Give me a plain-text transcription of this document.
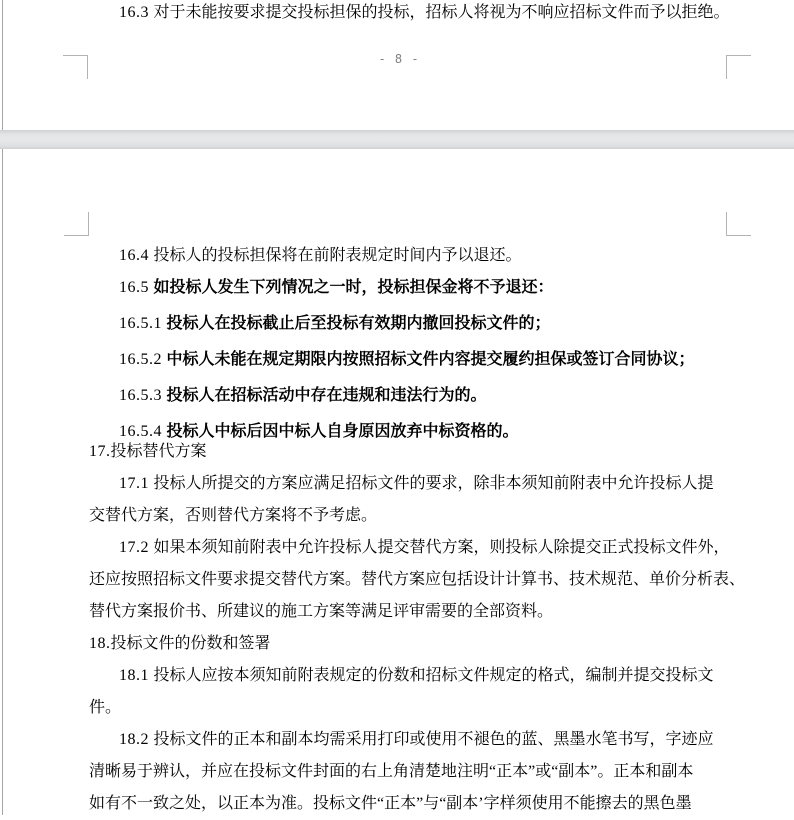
16.3 对于未能按要求提交投标担保的投标，招标人将视为不响应招标文件而予以拒绝。
- 8 -
16.4 投标人的投标担保将在前附表规定时间内予以退还。
16.5 如投标人发生下列情况之一时，投标担保金将不予退还：
16.5.1 投标人在投标截止后至投标有效期内撤回投标文件的；
16.5.2 中标人未能在规定期限内按照招标文件内容提交履约担保或签订合同协议；
16.5.3 投标人在招标活动中存在违规和违法行为的。
16.5.4 投标人中标后因中标人自身原因放弃中标资格的。
17.投标替代方案
17.1 投标人所提交的方案应满足招标文件的要求，除非本须知前附表中允许投标人提
交替代方案，否则替代方案将不予考虑。
17.2 如果本须知前附表中允许投标人提交替代方案，则投标人除提交正式投标文件外，
还应按照招标文件要求提交替代方案。替代方案应包括设计计算书、技术规范、单价分析表、
替代方案报价书、所建议的施工方案等满足评审需要的全部资料。
18.投标文件的份数和签署
18.1 投标人应按本须知前附表规定的份数和招标文件规定的格式，编制并提交投标文
件。
18.2 投标文件的正本和副本均需采用打印或使用不褪色的蓝、黑墨水笔书写，字迹应
清晰易于辨认，并应在投标文件封面的右上角清楚地注明“正本”或“副本”。正本和副本
如有不一致之处，以正本为准。投标文件“正本”与“副本’字样须使用不能擦去的黑色墨
